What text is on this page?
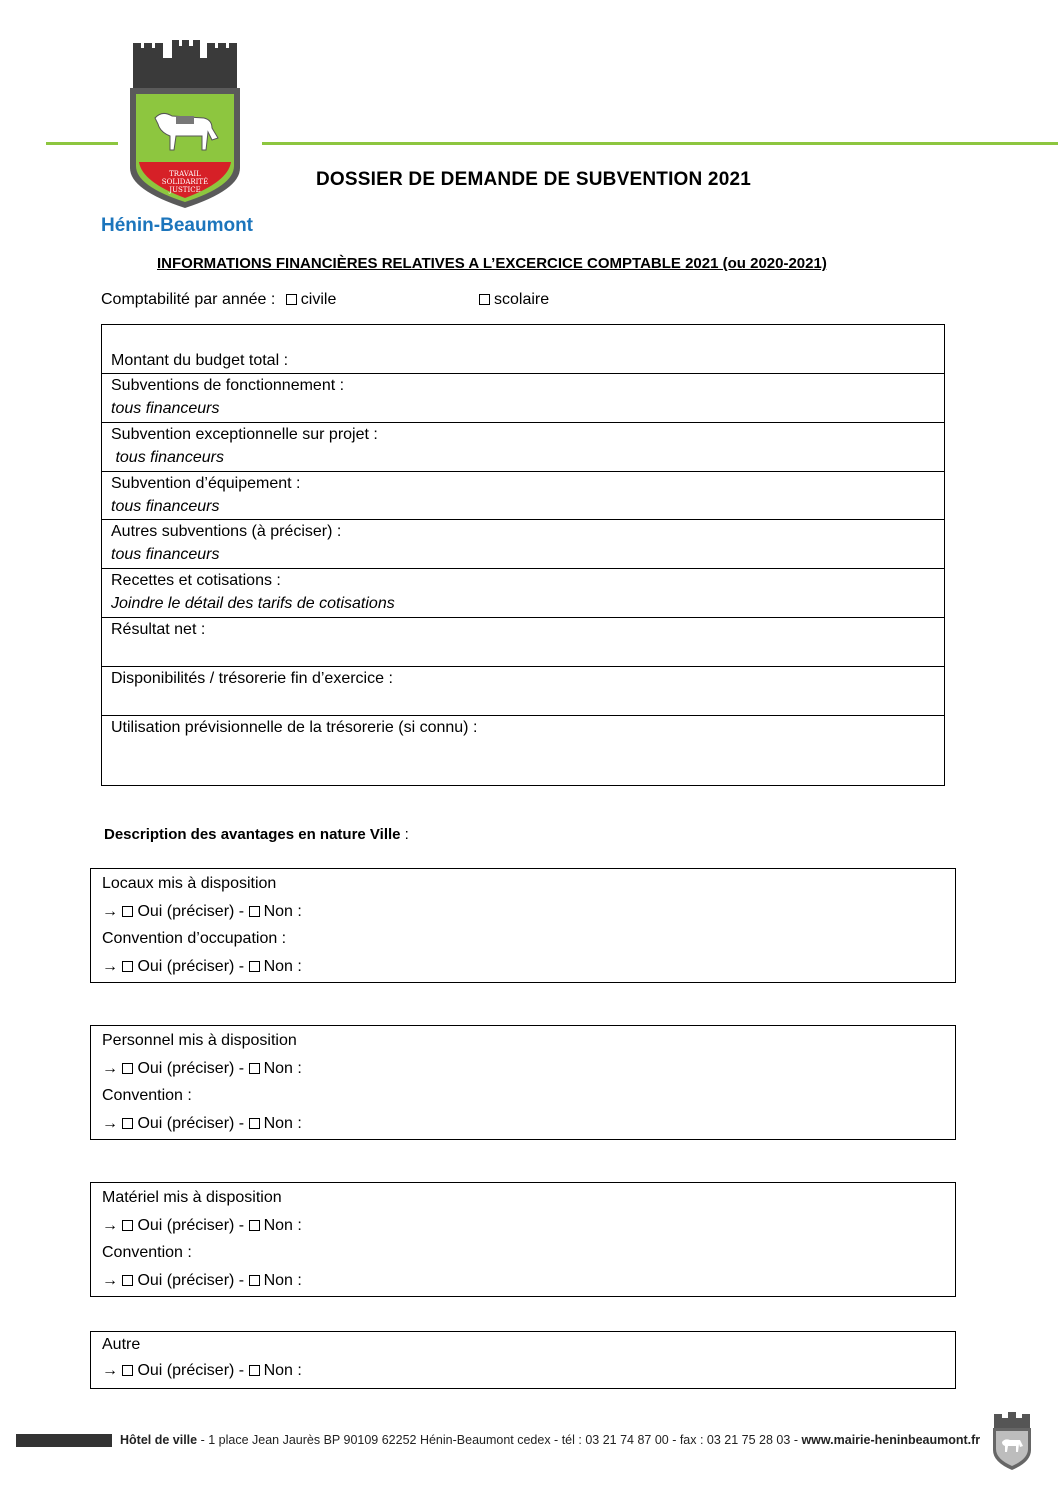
TRAVAIL
SOLIDARITÉ
JUSTICE
Hénin-Beaumont
DOSSIER DE DEMANDE DE SUBVENTION 2021
INFORMATIONS FINANCIÈRES RELATIVES A L’EXCERCICE COMPTABLE 2021 (ou 2020-2021)
Comptabilité par année : civile	scolaire
Montant du budget total :
Subventions de fonctionnement :
tous financeurs
Subvention exceptionnelle sur projet :
tous financeurs
Subvention d’équipement :
tous financeurs
Autres subventions (à préciser) :
tous financeurs
Recettes et cotisations :
Joindre le détail des tarifs de cotisations
Résultat net :
Disponibilités / trésorerie fin d’exercice :
Utilisation prévisionnelle de la trésorerie (si connu) :
Description des avantages en nature Ville :
Locaux mis à disposition
→ Oui (préciser) - Non :
Convention d’occupation :
→ Oui (préciser) - Non :
Personnel mis à disposition
→ Oui (préciser) - Non :
Convention :
→ Oui (préciser) - Non :
Matériel mis à disposition
→ Oui (préciser) - Non :
Convention :
→ Oui (préciser) - Non :
Autre
→ Oui (préciser) - Non :
Hôtel de ville - 1 place Jean Jaurès BP 90109 62252 Hénin-Beaumont cedex - tél : 03 21 74 87 00 - fax : 03 21 75 28 03 - www.mairie-heninbeaumont.fr
